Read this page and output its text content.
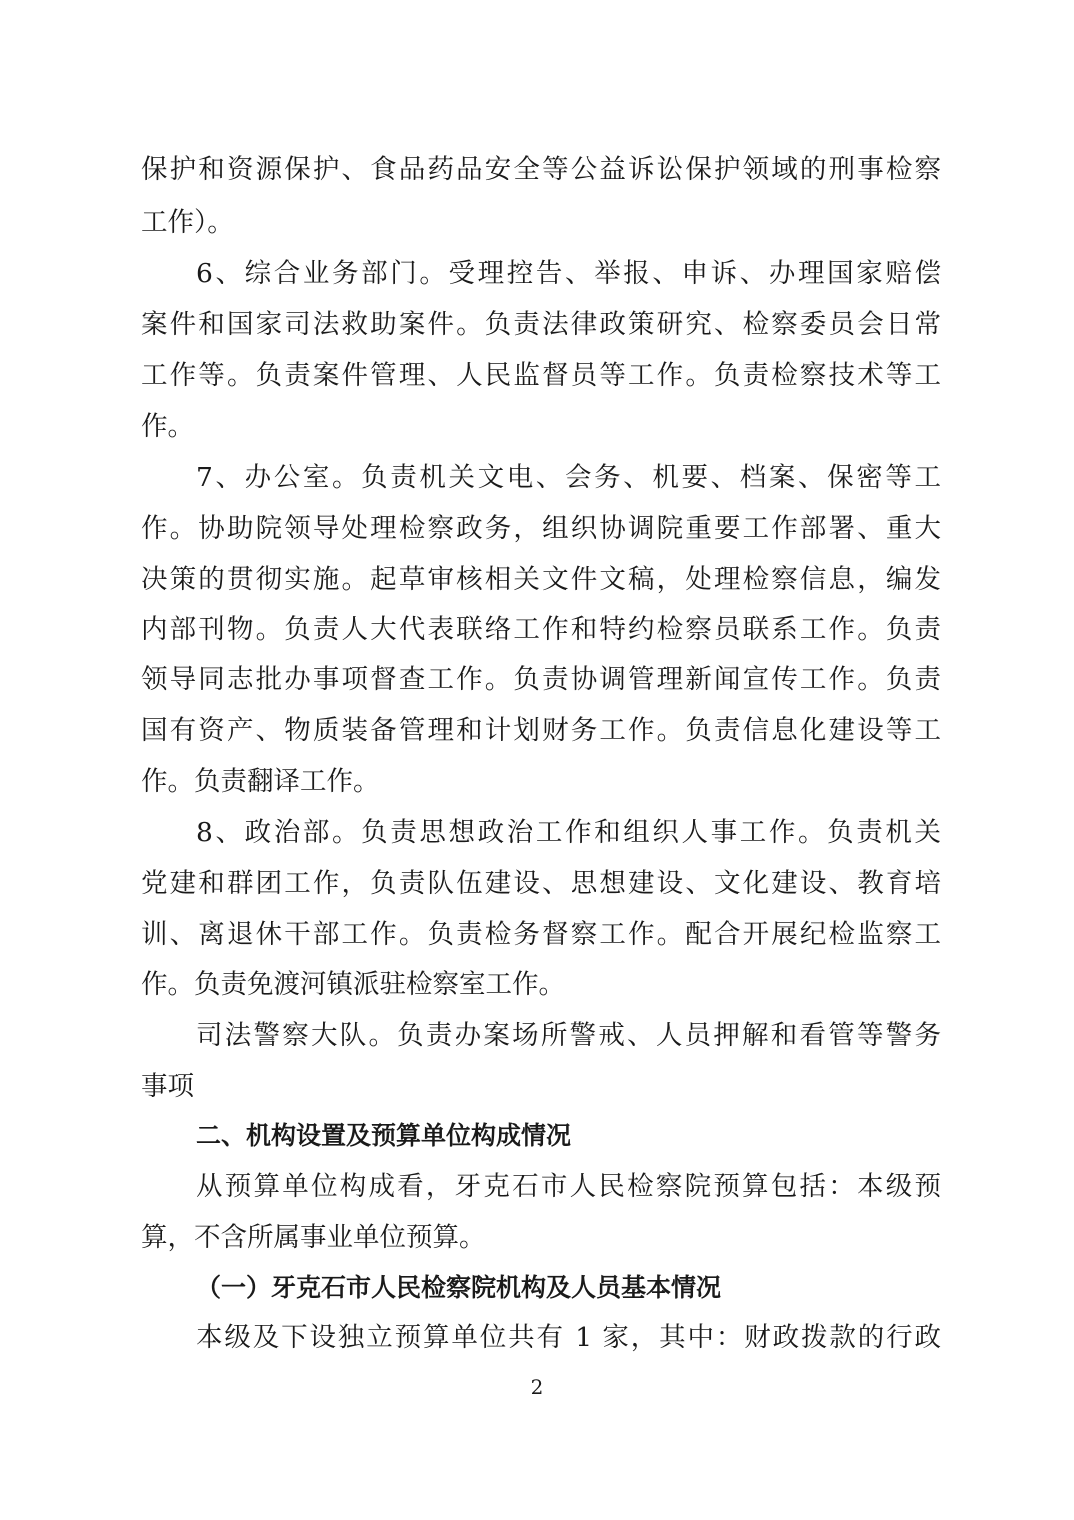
保护和资源保护、食品药品安全等公益诉讼保护领域的刑事检察
工作）。
6、综合业务部门。受理控告、举报、申诉、办理国家赔偿
案件和国家司法救助案件。负责法律政策研究、检察委员会日常
工作等。负责案件管理、人民监督员等工作。负责检察技术等工
作。
7、办公室。负责机关文电、会务、机要、档案、保密等工
作。协助院领导处理检察政务，组织协调院重要工作部署、重大
决策的贯彻实施。起草审核相关文件文稿，处理检察信息，编发
内部刊物。负责人大代表联络工作和特约检察员联系工作。负责
领导同志批办事项督查工作。负责协调管理新闻宣传工作。负责
国有资产、物质装备管理和计划财务工作。负责信息化建设等工
作。负责翻译工作。
8、政治部。负责思想政治工作和组织人事工作。负责机关
党建和群团工作，负责队伍建设、思想建设、文化建设、教育培
训、离退休干部工作。负责检务督察工作。配合开展纪检监察工
作。负责免渡河镇派驻检察室工作。
司法警察大队。负责办案场所警戒、人员押解和看管等警务
事项
二、机构设置及预算单位构成情况
从预算单位构成看，牙克石市人民检察院预算包括：本级预
算，不含所属事业单位预算。
（一）牙克石市人民检察院机构及人员基本情况
本级及下设独立预算单位共有 1 家，其中：财政拨款的行政
2
